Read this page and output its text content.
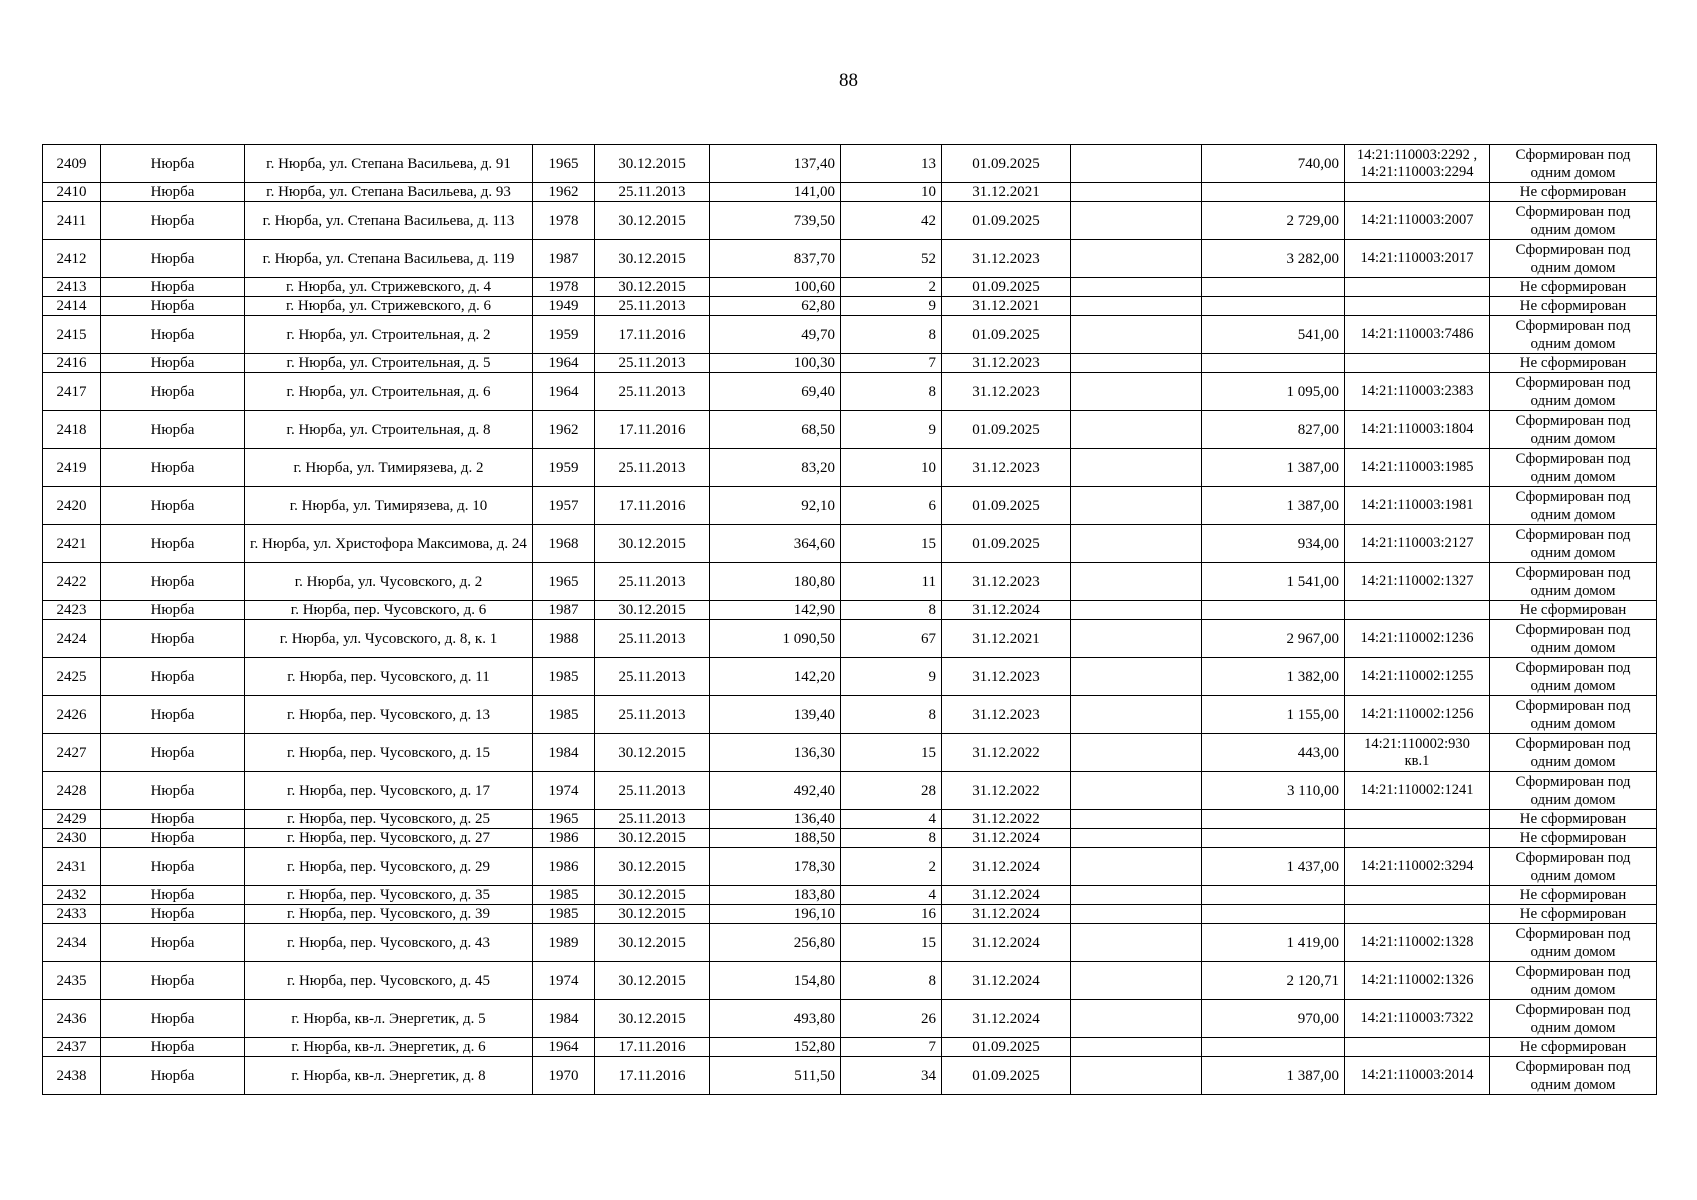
88
2409	Нюрба	г. Нюрба, ул. Степана Васильева, д. 91	1965	30.12.2015	137,40	13	01.09.2025		740,00	14:21:110003:2292 , 14:21:110003:2294	Сформирован под одним домом
2410	Нюрба	г. Нюрба, ул. Степана Васильева, д. 93	1962	25.11.2013	141,00	10	31.12.2021				Не сформирован
2411	Нюрба	г. Нюрба, ул. Степана Васильева, д. 113	1978	30.12.2015	739,50	42	01.09.2025		2 729,00	14:21:110003:2007	Сформирован под одним домом
2412	Нюрба	г. Нюрба, ул. Степана Васильева, д. 119	1987	30.12.2015	837,70	52	31.12.2023		3 282,00	14:21:110003:2017	Сформирован под одним домом
2413	Нюрба	г. Нюрба, ул. Стрижевского, д. 4	1978	30.12.2015	100,60	2	01.09.2025				Не сформирован
2414	Нюрба	г. Нюрба, ул. Стрижевского, д. 6	1949	25.11.2013	62,80	9	31.12.2021				Не сформирован
2415	Нюрба	г. Нюрба, ул. Строительная, д. 2	1959	17.11.2016	49,70	8	01.09.2025		541,00	14:21:110003:7486	Сформирован под одним домом
2416	Нюрба	г. Нюрба, ул. Строительная, д. 5	1964	25.11.2013	100,30	7	31.12.2023				Не сформирован
2417	Нюрба	г. Нюрба, ул. Строительная, д. 6	1964	25.11.2013	69,40	8	31.12.2023		1 095,00	14:21:110003:2383	Сформирован под одним домом
2418	Нюрба	г. Нюрба, ул. Строительная, д. 8	1962	17.11.2016	68,50	9	01.09.2025		827,00	14:21:110003:1804	Сформирован под одним домом
2419	Нюрба	г. Нюрба, ул. Тимирязева, д. 2	1959	25.11.2013	83,20	10	31.12.2023		1 387,00	14:21:110003:1985	Сформирован под одним домом
2420	Нюрба	г. Нюрба, ул. Тимирязева, д. 10	1957	17.11.2016	92,10	6	01.09.2025		1 387,00	14:21:110003:1981	Сформирован под одним домом
2421	Нюрба	г. Нюрба, ул. Христофора Максимова, д. 24	1968	30.12.2015	364,60	15	01.09.2025		934,00	14:21:110003:2127	Сформирован под одним домом
2422	Нюрба	г. Нюрба, ул. Чусовского, д. 2	1965	25.11.2013	180,80	11	31.12.2023		1 541,00	14:21:110002:1327	Сформирован под одним домом
2423	Нюрба	г. Нюрба, пер. Чусовского, д. 6	1987	30.12.2015	142,90	8	31.12.2024				Не сформирован
2424	Нюрба	г. Нюрба, ул. Чусовского, д. 8, к. 1	1988	25.11.2013	1 090,50	67	31.12.2021		2 967,00	14:21:110002:1236	Сформирован под одним домом
2425	Нюрба	г. Нюрба, пер. Чусовского, д. 11	1985	25.11.2013	142,20	9	31.12.2023		1 382,00	14:21:110002:1255	Сформирован под одним домом
2426	Нюрба	г. Нюрба, пер. Чусовского, д. 13	1985	25.11.2013	139,40	8	31.12.2023		1 155,00	14:21:110002:1256	Сформирован под одним домом
2427	Нюрба	г. Нюрба, пер. Чусовского, д. 15	1984	30.12.2015	136,30	15	31.12.2022		443,00	14:21:110002:930 кв.1	Сформирован под одним домом
2428	Нюрба	г. Нюрба, пер. Чусовского, д. 17	1974	25.11.2013	492,40	28	31.12.2022		3 110,00	14:21:110002:1241	Сформирован под одним домом
2429	Нюрба	г. Нюрба, пер. Чусовского, д. 25	1965	25.11.2013	136,40	4	31.12.2022				Не сформирован
2430	Нюрба	г. Нюрба, пер. Чусовского, д. 27	1986	30.12.2015	188,50	8	31.12.2024				Не сформирован
2431	Нюрба	г. Нюрба, пер. Чусовского, д. 29	1986	30.12.2015	178,30	2	31.12.2024		1 437,00	14:21:110002:3294	Сформирован под одним домом
2432	Нюрба	г. Нюрба, пер. Чусовского, д. 35	1985	30.12.2015	183,80	4	31.12.2024				Не сформирован
2433	Нюрба	г. Нюрба, пер. Чусовского, д. 39	1985	30.12.2015	196,10	16	31.12.2024				Не сформирован
2434	Нюрба	г. Нюрба, пер. Чусовского, д. 43	1989	30.12.2015	256,80	15	31.12.2024		1 419,00	14:21:110002:1328	Сформирован под одним домом
2435	Нюрба	г. Нюрба, пер. Чусовского, д. 45	1974	30.12.2015	154,80	8	31.12.2024		2 120,71	14:21:110002:1326	Сформирован под одним домом
2436	Нюрба	г. Нюрба, кв-л. Энергетик, д. 5	1984	30.12.2015	493,80	26	31.12.2024		970,00	14:21:110003:7322	Сформирован под одним домом
2437	Нюрба	г. Нюрба, кв-л. Энергетик, д. 6	1964	17.11.2016	152,80	7	01.09.2025				Не сформирован
2438	Нюрба	г. Нюрба, кв-л. Энергетик, д. 8	1970	17.11.2016	511,50	34	01.09.2025		1 387,00	14:21:110003:2014	Сформирован под одним домом
